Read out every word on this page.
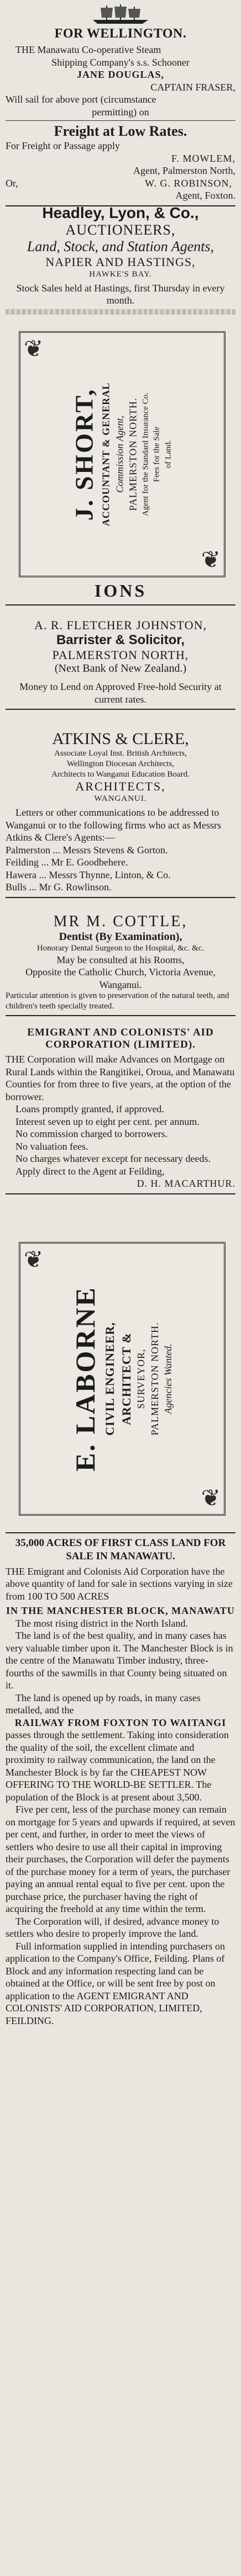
FOR WELLINGTON.

THE Manawatu Co-operative Steam

Shipping Company's s.s. Schooner

JANE DOUGLAS,

CAPTAIN FRASER,

Will sail for above port (circumstance

permitting) on

Freight at Low Rates.

For Freight or Passage apply

F. MOWLEM,

Agent, Palmerston North,

Or,	W. G. ROBINSON,

Agent, Foxton.

Headley, Lyon, & Co.,
AUCTIONEERS,
Land, Stock, and Station Agents,
NAPIER AND HASTINGS,
HAWKE'S BAY.

Stock Sales held at Hastings, first Thursday in every month.

❦
❦
J. SHORT, ACCOUNTANT & GENERAL Commission Agent, PALMERSTON NORTH. Agent for the Standard Insurance Co. Fees for the Sale of Land.

IONS
A. R. FLETCHER JOHNSTON,
Barrister & Solicitor,
PALMERSTON NORTH,
(Next Bank of New Zealand.)

Money to Lend on Approved Free-hold Security at current rates.

ATKINS & CLERE,

Associate Loyal Inst. British Architects,

Wellington Diocesan Architects,

Architects to Wanganui Education Board.

ARCHITECTS,
WANGANUI.

Letters or other communications to be addressed to Wanganui or to the following firms who act as Messrs Atkins & Clere's Agents:—

Palmerston ... Messrs Stevens & Gorton.

Feilding ... Mr E. Goodbehere.

Hawera ... Messrs Thynne, Linton, & Co.

Bulls ... Mr G. Rowlinson.

MR M. COTTLE,
Dentist (By Examination),

Honorary Dental Surgeon to the Hospital, &c. &c.

May be consulted at his Rooms,

Opposite the Catholic Church, Victoria Avenue, Wanganui.

Particular attention is given to preservation of the natural teeth, and children's teeth specially treated.

EMIGRANT AND COLONISTS' AID CORPORATION (LIMITED).

THE Corporation will make Advances on Mortgage on Rural Lands within the Rangitikei, Oroua, and Manawatu Counties for from three to five years, at the option of the borrower.

Loans promptly granted, if approved.

Interest seven up to eight per cent. per annum.

No commission charged to borrowers.

No valuation fees.

No charges whatever except for necessary deeds.

Apply direct to the Agent at Feilding,

D. H. MACARTHUR.

❦
❦
E. LABORNE CIVIL ENGINEER, ARCHITECT & SURVEYOR, PALMERSTON NORTH. Agencies Wanted.

35,000 ACRES OF FIRST CLASS LAND FOR SALE IN MANAWATU.

THE Emigrant and Colonists Aid Corporation have the above quantity of land for sale in sections varying in size from 100 TO 500 ACRES

IN THE MANCHESTER BLOCK, MANAWATU

The most rising district in the North Island.

The land is of the best quality, and in many cases has very valuable timber upon it. The Manchester Block is in the centre of the Manawatu Timber industry, three-fourths of the sawmills in that County being situated on it.

The land is opened up by roads, in many cases metalled, and the

RAILWAY FROM FOXTON TO WAITANGI

passes through the settlement. Taking into consideration the quality of the soil, the excellent climate and proximity to railway communication, the land on the Manchester Block is by far the CHEAPEST NOW OFFERING TO THE WORLD-BE SETTLER. The population of the Block is at present about 3,500.

Five per cent, less of the purchase money can remain on mortgage for 5 years and upwards if required, at seven per cent, and further, in order to meet the views of settlers who desire to use all their capital in improving their purchases, the Corporation will defer the payments of the purchase money for a term of years, the purchaser paying an annual rental equal to five per cent. upon the purchase price, the purchaser having the right of acquiring the freehold at any time within the term.

The Corporation will, if desired, advance money to settlers who desire to properly improve the land.

Full information supplied in intending purchasers on application to the Company's Office, Feilding. Plans of Block and any information respecting land can be obtained at the Office, or will be sent free by post on application to the AGENT EMIGRANT AND COLONISTS' AID CORPORATION, LIMITED, FEILDING.
